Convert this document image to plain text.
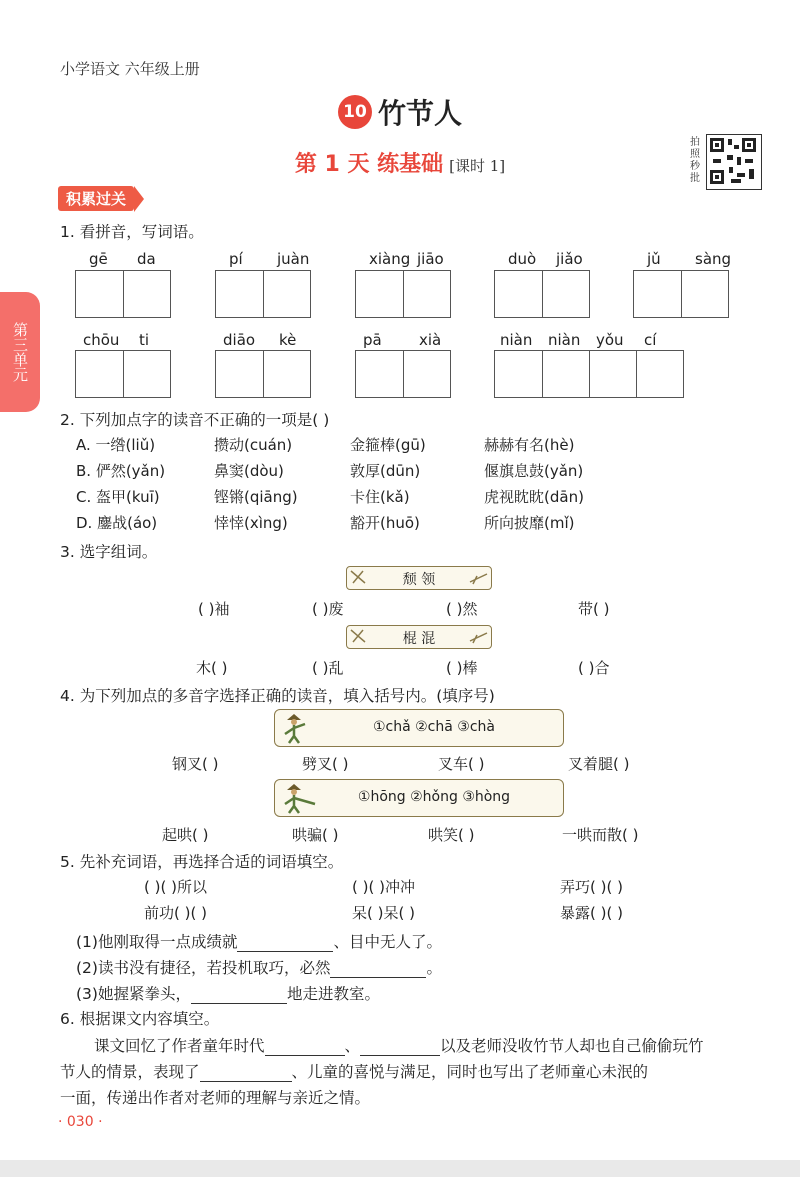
小学语文 六年级上册
10 竹节人
第 1 天 练基础 [课时 1]
拍照秒批
积累过关
第三单元
1. 看拼音，写词语。
gē da	pí juàn	xiàng jiāo	duò jiǎo	jǔ sàng
chōu ti	diāo kè	pā xià	niàn niàn yǒu cí
2. 下列加点字的读音不正确的一项是( )
A. 一绺(liǔ)	攒动(cuán)	金箍棒(gū)	赫赫有名(hè)
B. 俨然(yǎn)	鼻窦(dòu)	敦厚(dūn)	偃旗息鼓(yǎn)
C. 盔甲(kuī)	铿锵(qiāng)	卡住(kǎ)	虎视眈眈(dān)
D. 鏖战(áo)	悻悻(xìng)	豁开(huō)	所向披靡(mǐ)
3. 选字组词。
颓 领
( )袖	( )废	( )然	带( )
棍 混
木( )	( )乱	( )棒	( )合
4. 为下列加点的多音字选择正确的读音，填入括号内。(填序号)
①chǎ ②chā ③chà
钢叉( )	劈叉( )	叉车( )	叉着腿( )
①hōng ②hǒng ③hòng
起哄( )	哄骗( )	哄笑( )	一哄而散( )
5. 先补充词语，再选择合适的词语填空。
( )( )所以	( )( )冲冲	弄巧( )( )
前功( )( )	呆( )呆( )	暴露( )( )
(1)他刚取得一点成绩就	、目中无人了。
(2)读书没有捷径，若投机取巧，必然	。
(3)她握紧拳头，	地走进教室。
6. 根据课文内容填空。
课文回忆了作者童年时代	、	以及老师没收竹节人却也自己偷偷玩竹
节人的情景，表现了	、儿童的喜悦与满足，同时也写出了老师童心未泯的
一面，传递出作者对老师的理解与亲近之情。
· 030 ·
